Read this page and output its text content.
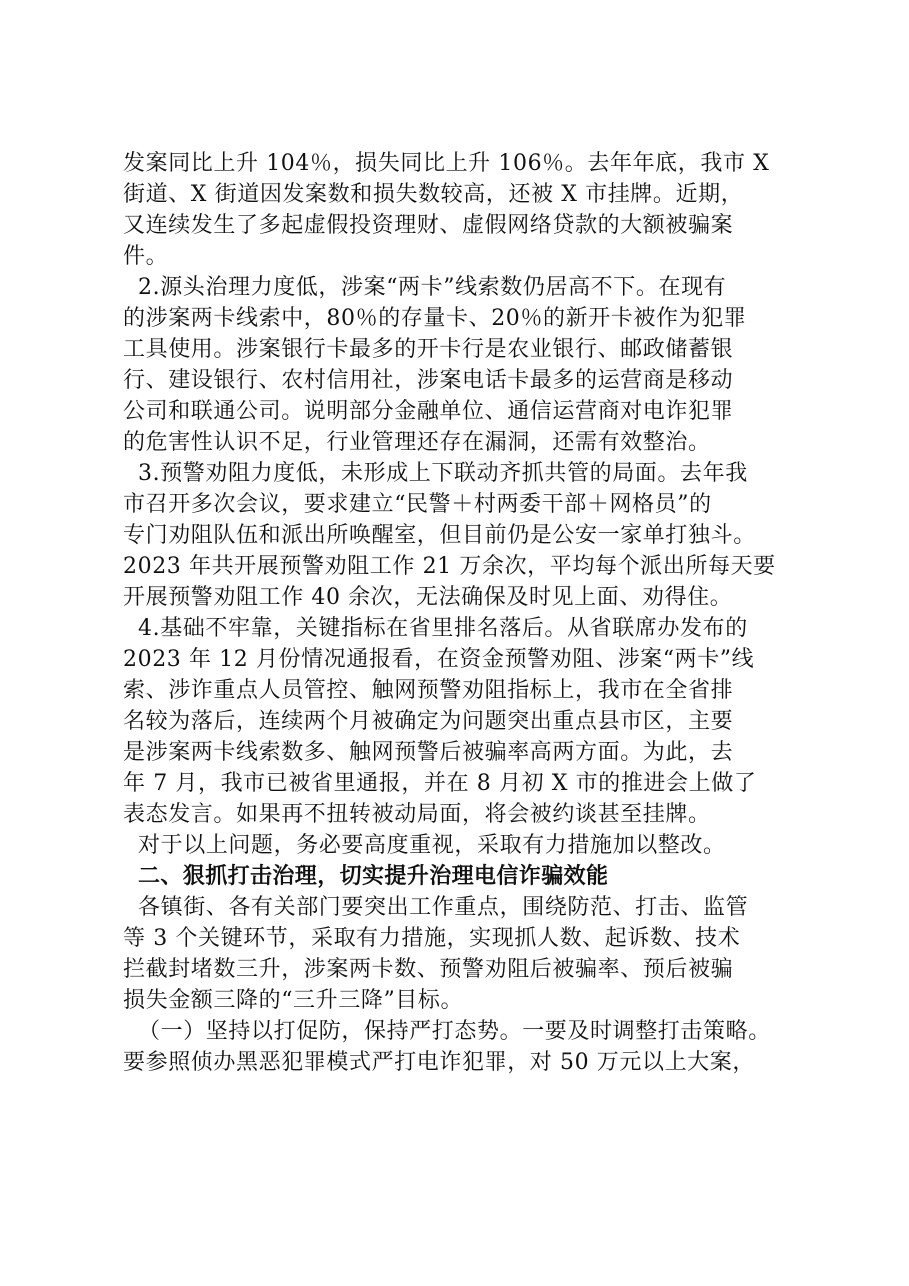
发案同比上升 104％，损失同比上升 106％。去年年底，我市 X
街道、X 街道因发案数和损失数较高，还被 X 市挂牌。近期，
又连续发生了多起虚假投资理财、虚假网络贷款的大额被骗案
件。
2.源头治理力度低，涉案“两卡”线索数仍居高不下。在现有
的涉案两卡线索中，80％的存量卡、20％的新开卡被作为犯罪
工具使用。涉案银行卡最多的开卡行是农业银行、邮政储蓄银
行、建设银行、农村信用社，涉案电话卡最多的运营商是移动
公司和联通公司。说明部分金融单位、通信运营商对电诈犯罪
的危害性认识不足，行业管理还存在漏洞，还需有效整治。
3.预警劝阻力度低，未形成上下联动齐抓共管的局面。去年我
市召开多次会议，要求建立“民警＋村两委干部＋网格员”的
专门劝阻队伍和派出所唤醒室，但目前仍是公安一家单打独斗。
2023 年共开展预警劝阻工作 21 万余次，平均每个派出所每天要
开展预警劝阻工作 40 余次，无法确保及时见上面、劝得住。
4.基础不牢靠，关键指标在省里排名落后。从省联席办发布的
2023 年 12 月份情况通报看，在资金预警劝阻、涉案“两卡”线
索、涉诈重点人员管控、触网预警劝阻指标上，我市在全省排
名较为落后，连续两个月被确定为问题突出重点县市区，主要
是涉案两卡线索数多、触网预警后被骗率高两方面。为此，去
年 7 月，我市已被省里通报，并在 8 月初 X 市的推进会上做了
表态发言。如果再不扭转被动局面，将会被约谈甚至挂牌。
对于以上问题，务必要高度重视，采取有力措施加以整改。
二、狠抓打击治理，切实提升治理电信诈骗效能
各镇街、各有关部门要突出工作重点，围绕防范、打击、监管
等 3 个关键环节，采取有力措施，实现抓人数、起诉数、技术
拦截封堵数三升，涉案两卡数、预警劝阻后被骗率、预后被骗
损失金额三降的“三升三降”目标。
（一）坚持以打促防，保持严打态势。一要及时调整打击策略。
要参照侦办黑恶犯罪模式严打电诈犯罪，对 50 万元以上大案，
